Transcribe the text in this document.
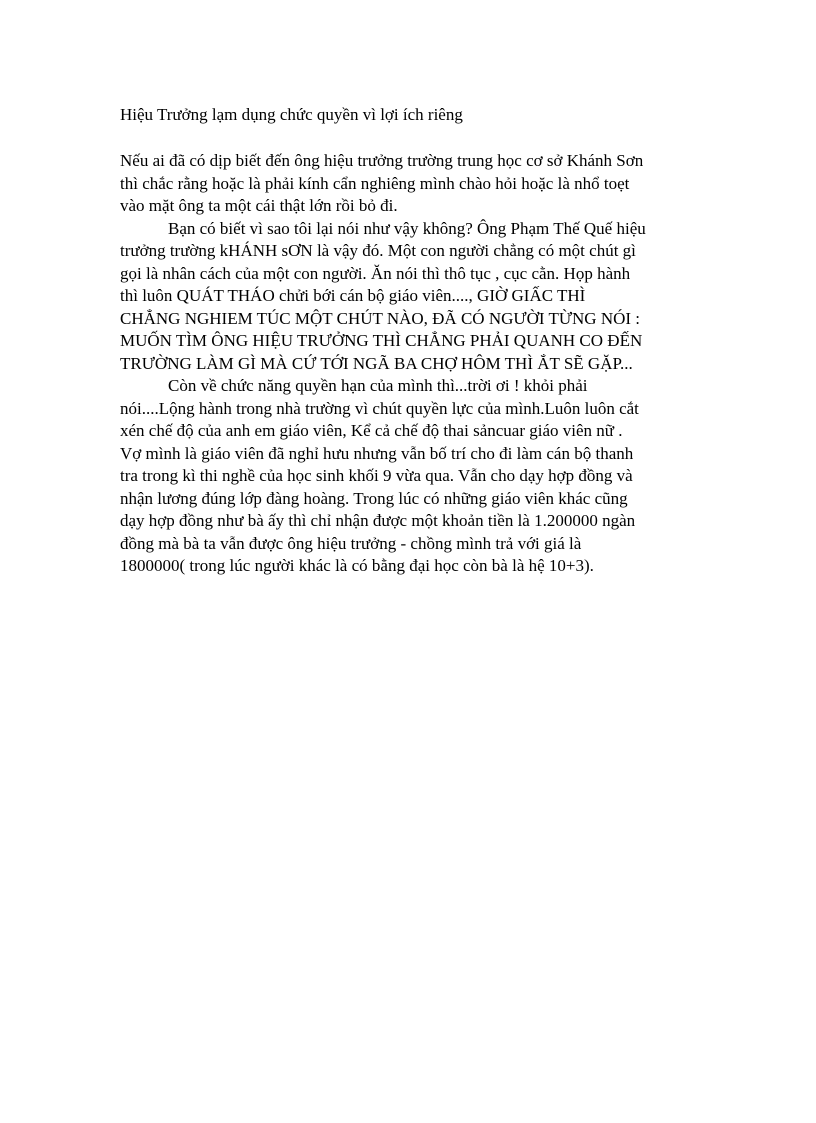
Hiệu Trưởng lạm dụng chức quyền vì lợi ích riêng
Nếu ai đã có dịp biết đến ông hiệu trưởng trường trung học cơ sở Khánh Sơn
thì chắc rằng hoặc là phải kính cẩn nghiêng mình chào hỏi hoặc là nhổ toẹt
vào mặt ông ta một cái thật lớn rồi bỏ đi.
Bạn có biết vì sao tôi lại nói như vậy không? Ông Phạm Thế Quế hiệu
trưởng trường kHÁNH sƠN là vậy đó. Một con người chẳng có một chút gì
gọi là nhân cách của một con người. Ăn nói thì thô tục , cục cằn. Họp hành
thì luôn QUÁT THÁO chửi bới cán bộ giáo viên...., GIỜ GIẤC THÌ
CHẲNG NGHIEM TÚC MỘT CHÚT NÀO, ĐÃ CÓ NGƯỜI TỪNG NÓI :
MUỐN TÌM ÔNG HIỆU TRƯỞNG THÌ CHẲNG PHẢI QUANH CO ĐẾN
TRƯỜNG LÀM GÌ MÀ CỨ TỚI NGÃ BA CHỢ HÔM THÌ ẮT SẼ GẶP...
Còn về chức năng quyền hạn của mình thì...trời ơi ! khỏi phải
nói....Lộng hành trong nhà trường vì chút quyền lực của mình.Luôn luôn cắt
xén chế độ của anh em giáo viên, Kể cả chế độ thai sảncuar giáo viên nữ .
Vợ mình là giáo viên đã nghỉ hưu nhưng vẫn bố trí cho đi làm cán bộ thanh
tra trong kì thi nghề của học sinh khối 9 vừa qua. Vẫn cho dạy hợp đồng và
nhận lương đúng lớp đàng hoàng. Trong lúc có những giáo viên khác cũng
dạy hợp đồng như bà ấy thì chỉ nhận được một khoản tiền là 1.200000 ngàn
đồng mà bà ta vẫn được ông hiệu trưởng - chồng mình trả với giá là
1800000( trong lúc người khác là có bằng đại học còn bà là hệ 10+3).
